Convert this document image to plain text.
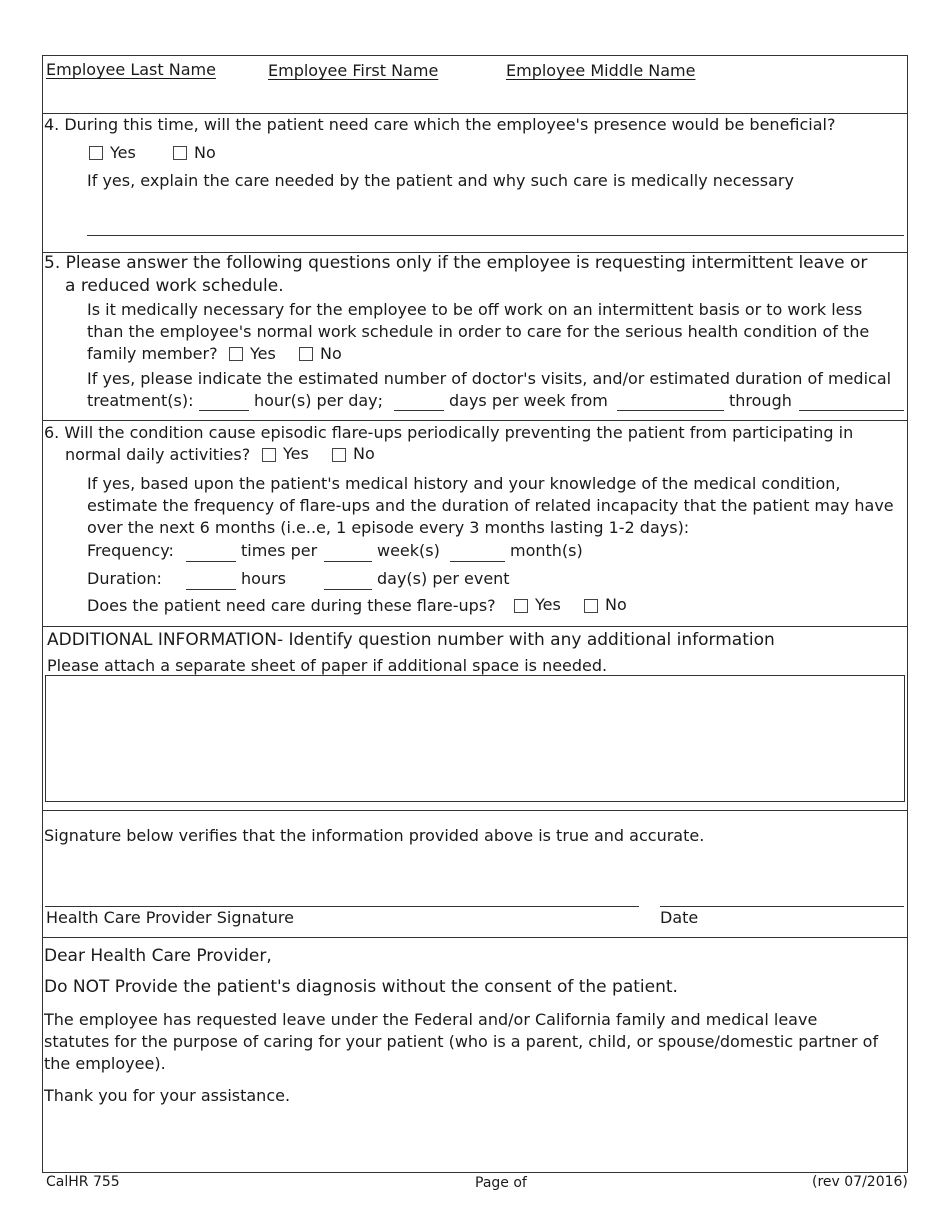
Employee Last Name	Employee First Name	Employee Middle Name
4. During this time, will the patient need care which the employee's presence would be beneficial?
Yes	No
If yes, explain the care needed by the patient and why such care is medically necessary
5. Please answer the following questions only if the employee is requesting intermittent leave or
a reduced work schedule.
Is it medically necessary for the employee to be off work on an intermittent basis or to work less
than the employee's normal work schedule in order to care for the serious health condition of the
family member? Yes	No
If yes, please indicate the estimated number of doctor's visits, and/or estimated duration of medical
treatment(s):	hour(s) per day;	days per week from	through
6. Will the condition cause episodic flare-ups periodically preventing the patient from participating in
normal daily activities? Yes	No
If yes, based upon the patient's medical history and your knowledge of the medical condition,
estimate the frequency of flare-ups and the duration of related incapacity that the patient may have
over the next 6 months (i.e..e, 1 episode every 3 months lasting 1-2 days):
Frequency:	times per	week(s)	month(s)
Duration:	hours	day(s) per event
Does the patient need care during these flare-ups? Yes	No
ADDITIONAL INFORMATION- Identify question number with any additional information
Please attach a separate sheet of paper if additional space is needed.
Signature below verifies that the information provided above is true and accurate.
Health Care Provider Signature	Date
Dear Health Care Provider,
Do NOT Provide the patient's diagnosis without the consent of the patient.
The employee has requested leave under the Federal and/or California family and medical leave
statutes for the purpose of caring for your patient (who is a parent, child, or spouse/domestic partner of
the employee).
Thank you for your assistance.
CalHR 755	Page of	(rev 07/2016)
